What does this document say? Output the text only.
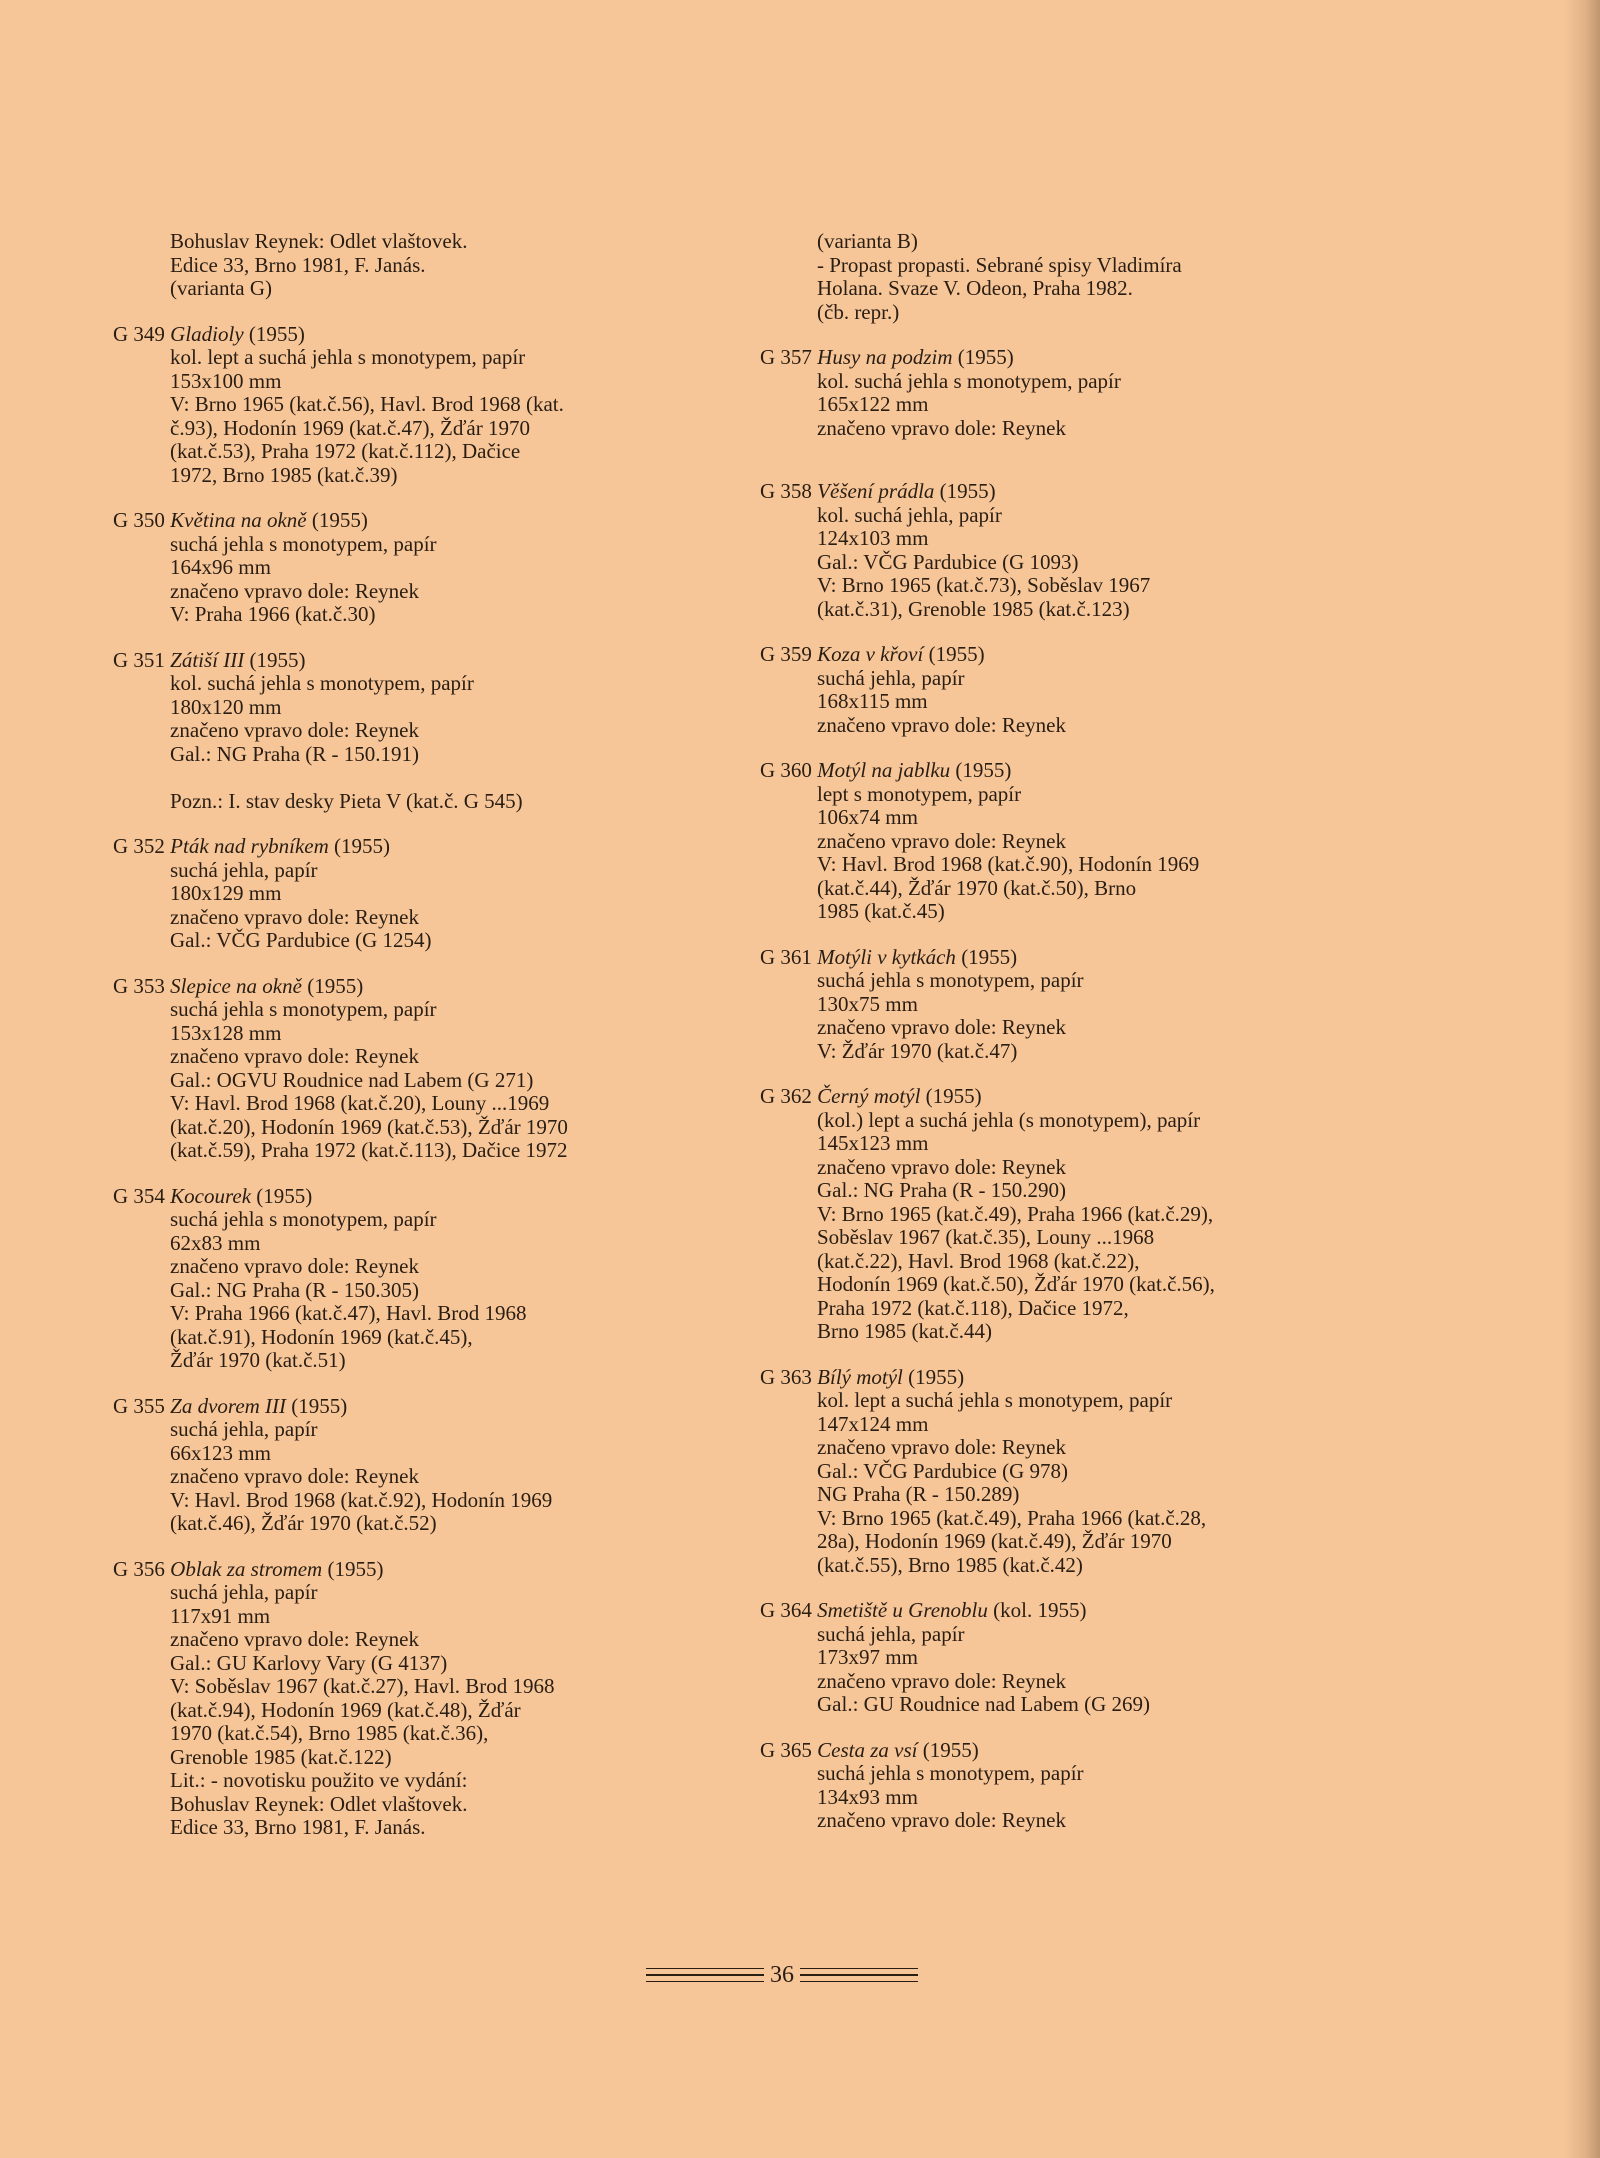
Bohuslav Reynek: Odlet vlaštovek.
Edice 33, Brno 1981, F. Janás.
(varianta G)
G 349 Gladioly (1955)
kol. lept a suchá jehla s monotypem, papír
153x100 mm
V: Brno 1965 (kat.č.56), Havl. Brod 1968 (kat.
č.93), Hodonín 1969 (kat.č.47), Žďár 1970
(kat.č.53), Praha 1972 (kat.č.112), Dačice
1972, Brno 1985 (kat.č.39)
G 350 Květina na okně (1955)
suchá jehla s monotypem, papír
164x96 mm
značeno vpravo dole: Reynek
V: Praha 1966 (kat.č.30)
G 351 Zátiší III (1955)
kol. suchá jehla s monotypem, papír
180x120 mm
značeno vpravo dole: Reynek
Gal.: NG Praha (R - 150.191)
Pozn.: I. stav desky Pieta V (kat.č. G 545)
G 352 Pták nad rybníkem (1955)
suchá jehla, papír
180x129 mm
značeno vpravo dole: Reynek
Gal.: VČG Pardubice (G 1254)
G 353 Slepice na okně (1955)
suchá jehla s monotypem, papír
153x128 mm
značeno vpravo dole: Reynek
Gal.: OGVU Roudnice nad Labem (G 271)
V: Havl. Brod 1968 (kat.č.20), Louny ...1969
(kat.č.20), Hodonín 1969 (kat.č.53), Žďár 1970
(kat.č.59), Praha 1972 (kat.č.113), Dačice 1972
G 354 Kocourek (1955)
suchá jehla s monotypem, papír
62x83 mm
značeno vpravo dole: Reynek
Gal.: NG Praha (R - 150.305)
V: Praha 1966 (kat.č.47), Havl. Brod 1968
(kat.č.91), Hodonín 1969 (kat.č.45),
Žďár 1970 (kat.č.51)
G 355 Za dvorem III (1955)
suchá jehla, papír
66x123 mm
značeno vpravo dole: Reynek
V: Havl. Brod 1968 (kat.č.92), Hodonín 1969
(kat.č.46), Žďár 1970 (kat.č.52)
G 356 Oblak za stromem (1955)
suchá jehla, papír
117x91 mm
značeno vpravo dole: Reynek
Gal.: GU Karlovy Vary (G 4137)
V: Soběslav 1967 (kat.č.27), Havl. Brod 1968
(kat.č.94), Hodonín 1969 (kat.č.48), Žďár
1970 (kat.č.54), Brno 1985 (kat.č.36),
Grenoble 1985 (kat.č.122)
Lit.: - novotisku použito ve vydání:
Bohuslav Reynek: Odlet vlaštovek.
Edice 33, Brno 1981, F. Janás.
(varianta B)
- Propast propasti. Sebrané spisy Vladimíra
Holana. Svaze V. Odeon, Praha 1982.
(čb. repr.)
G 357 Husy na podzim (1955)
kol. suchá jehla s monotypem, papír
165x122 mm
značeno vpravo dole: Reynek
G 358 Věšení prádla (1955)
kol. suchá jehla, papír
124x103 mm
Gal.: VČG Pardubice (G 1093)
V: Brno 1965 (kat.č.73), Soběslav 1967
(kat.č.31), Grenoble 1985 (kat.č.123)
G 359 Koza v křoví (1955)
suchá jehla, papír
168x115 mm
značeno vpravo dole: Reynek
G 360 Motýl na jablku (1955)
lept s monotypem, papír
106x74 mm
značeno vpravo dole: Reynek
V: Havl. Brod 1968 (kat.č.90), Hodonín 1969
(kat.č.44), Žďár 1970 (kat.č.50), Brno
1985 (kat.č.45)
G 361 Motýli v kytkách (1955)
suchá jehla s monotypem, papír
130x75 mm
značeno vpravo dole: Reynek
V: Žďár 1970 (kat.č.47)
G 362 Černý motýl (1955)
(kol.) lept a suchá jehla (s monotypem), papír
145x123 mm
značeno vpravo dole: Reynek
Gal.: NG Praha (R - 150.290)
V: Brno 1965 (kat.č.49), Praha 1966 (kat.č.29),
Soběslav 1967 (kat.č.35), Louny ...1968
(kat.č.22), Havl. Brod 1968 (kat.č.22),
Hodonín 1969 (kat.č.50), Žďár 1970 (kat.č.56),
Praha 1972 (kat.č.118), Dačice 1972,
Brno 1985 (kat.č.44)
G 363 Bílý motýl (1955)
kol. lept a suchá jehla s monotypem, papír
147x124 mm
značeno vpravo dole: Reynek
Gal.: VČG Pardubice (G 978)
NG Praha (R - 150.289)
V: Brno 1965 (kat.č.49), Praha 1966 (kat.č.28,
28a), Hodonín 1969 (kat.č.49), Žďár 1970
(kat.č.55), Brno 1985 (kat.č.42)
G 364 Smetiště u Grenoblu (kol. 1955)
suchá jehla, papír
173x97 mm
značeno vpravo dole: Reynek
Gal.: GU Roudnice nad Labem (G 269)
G 365 Cesta za vsí (1955)
suchá jehla s monotypem, papír
134x93 mm
značeno vpravo dole: Reynek
36
